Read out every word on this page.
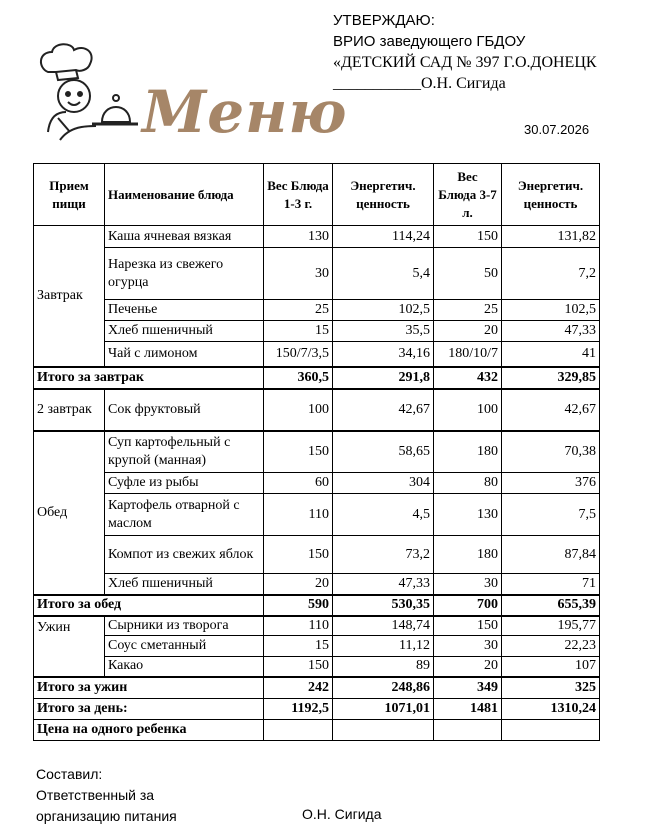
УТВЕРЖДАЮ:
ВРИО заведующего ГБДОУ
«ДЕТСКИЙ САД № 397 Г.О.ДОНЕЦК
___________О.Н. Сигида
Меню	30.07.2026
Прием пищи	Наименование блюда	Вес Блюда 1-3 г.	Энергетич. ценность	Вес Блюда 3-7 л.	Энергетич. ценность
Завтрак	Каша ячневая вязкая	130	114,24	150	131,82
	Нарезка из свежего огурца	30	5,4	50	7,2
	Печенье	25	102,5	25	102,5
	Хлеб пшеничный	15	35,5	20	47,33
	Чай с лимоном	150/7/3,5	34,16	180/10/7	41
Итого за завтрак		360,5	291,8	432	329,85
2 завтрак	Сок фруктовый	100	42,67	100	42,67
Обед	Суп картофельный с крупой (манная)	150	58,65	180	70,38
	Суфле из рыбы	60	304	80	376
	Картофель отварной с маслом	110	4,5	130	7,5
	Компот из свежих яблок	150	73,2	180	87,84
	Хлеб пшеничный	20	47,33	30	71
Итого за обед		590	530,35	700	655,39
Ужин	Сырники из творога	110	148,74	150	195,77
	Соус сметанный	15	11,12	30	22,23
	Какао	150	89	20	107
Итого за ужин		242	248,86	349	325
Итого за день:		1192,5	1071,01	1481	1310,24
Цена на одного ребенка					
Составил:
Ответственный за
организацию питания	О.Н. Сигида
